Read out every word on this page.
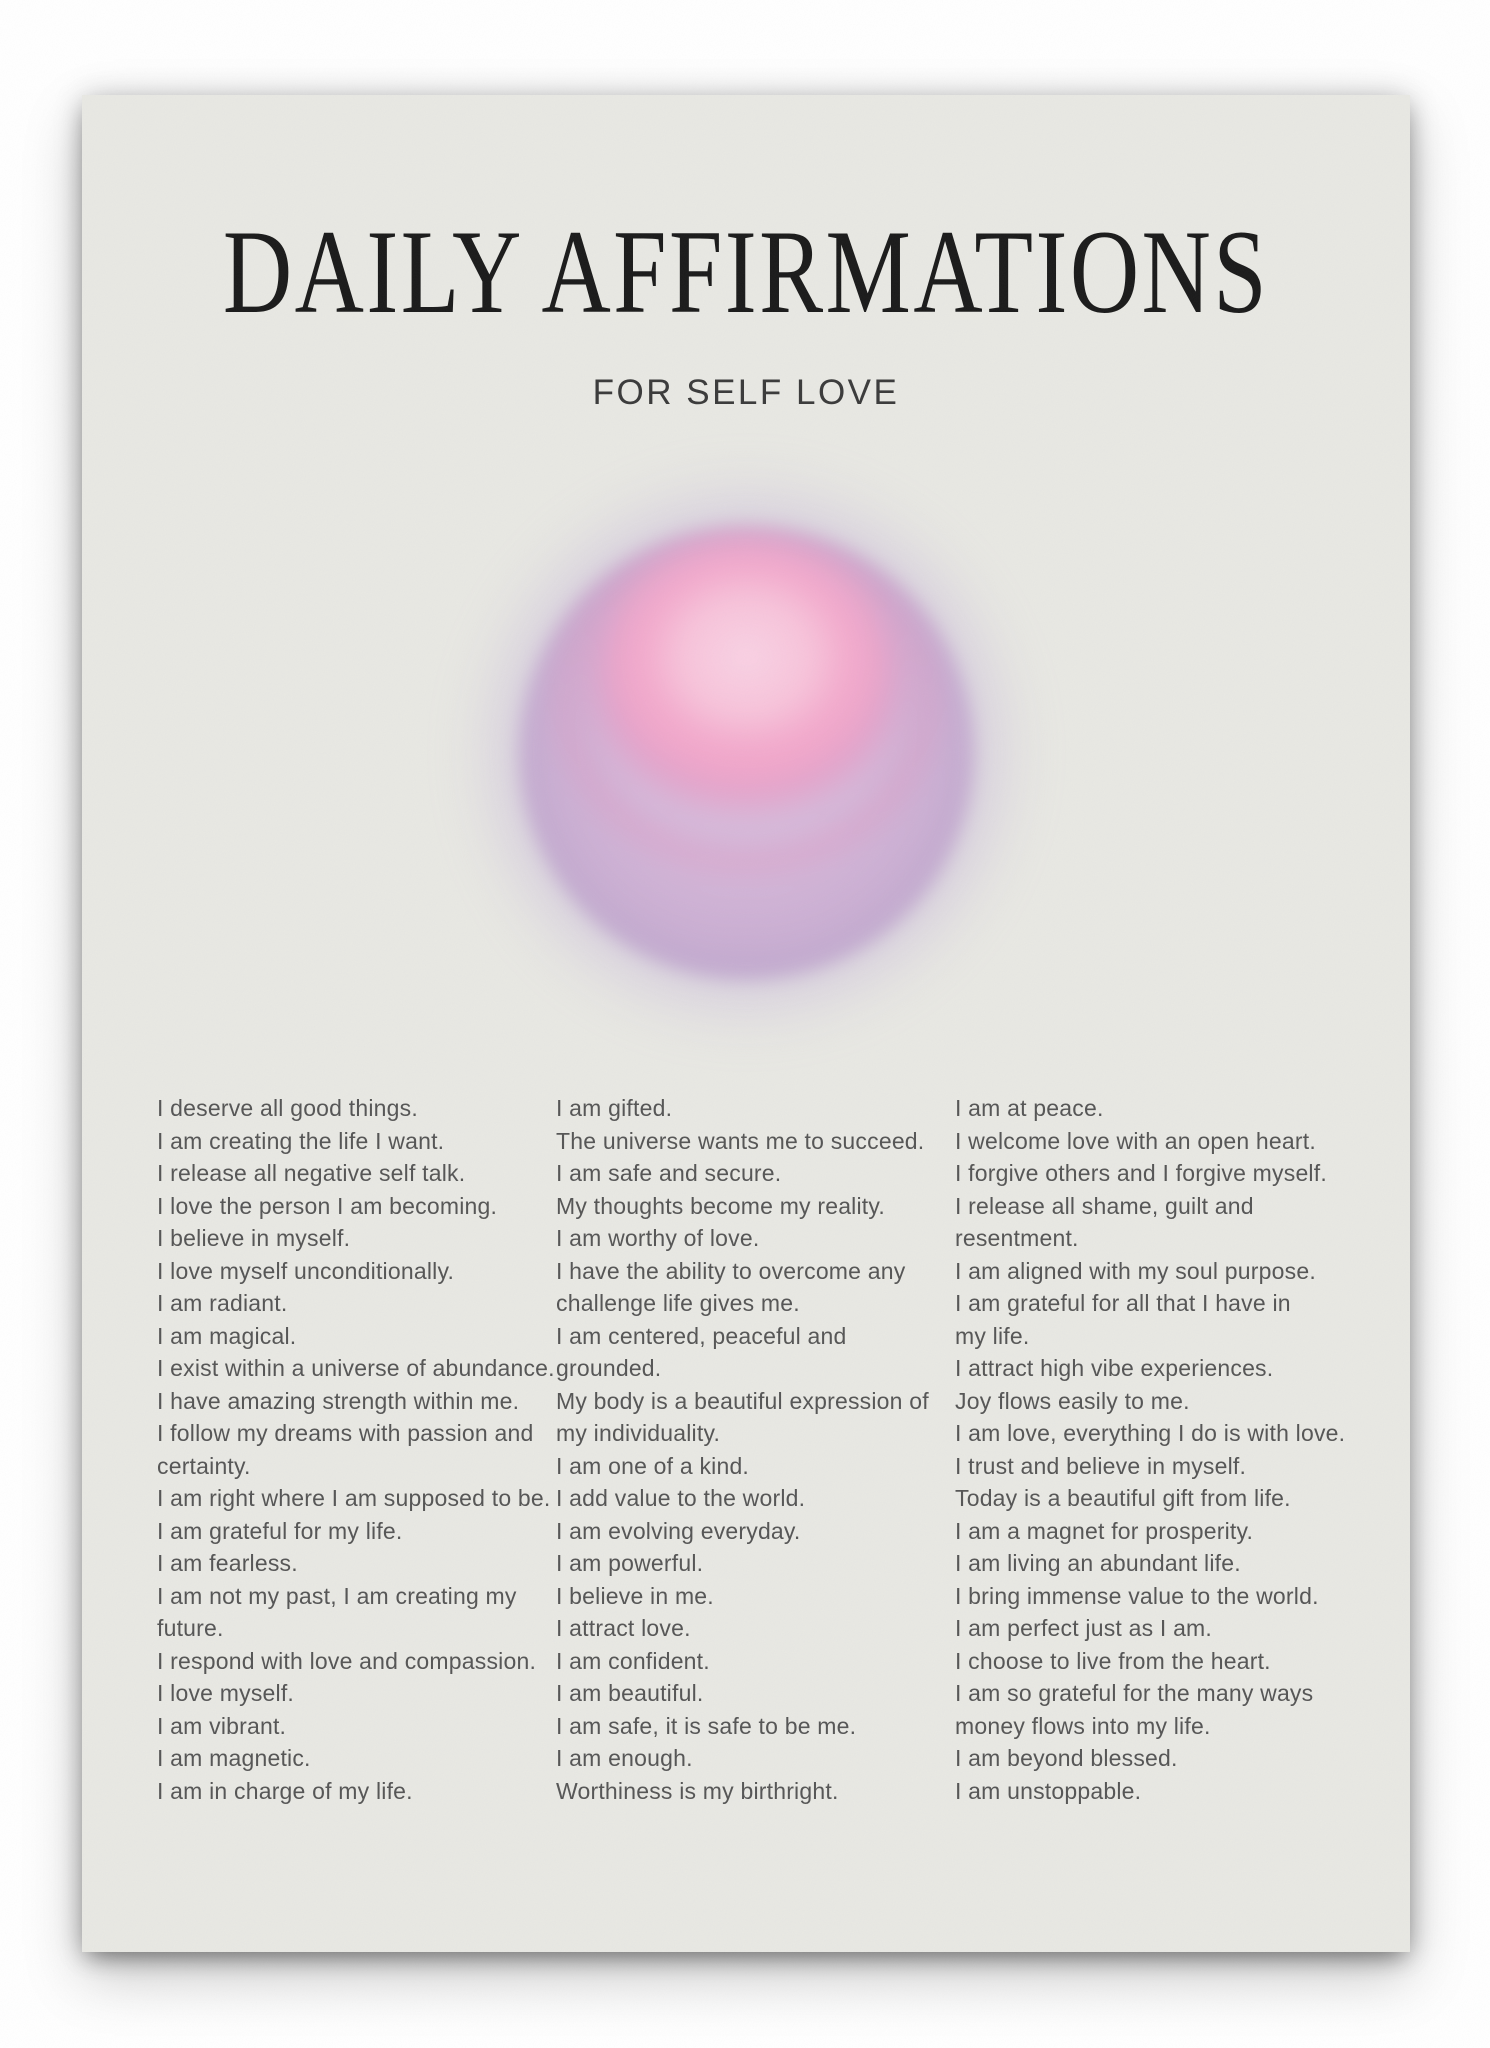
DAILY AFFIRMATIONS
FOR SELF LOVE
I deserve all good things.
I am creating the life I want.
I release all negative self talk.
I love the person I am becoming.
I believe in myself.
I love myself unconditionally.
I am radiant.
I am magical.
I exist within a universe of abundance.
I have amazing strength within me.
I follow my dreams with passion and
certainty.
I am right where I am supposed to be.
I am grateful for my life.
I am fearless.
I am not my past, I am creating my
future.
I respond with love and compassion.
I love myself.
I am vibrant.
I am magnetic.
I am in charge of my life.
I am gifted.
The universe wants me to succeed.
I am safe and secure.
My thoughts become my reality.
I am worthy of love.
I have the ability to overcome any
challenge life gives me.
I am centered, peaceful and
grounded.
My body is a beautiful expression of
my individuality.
I am one of a kind.
I add value to the world.
I am evolving everyday.
I am powerful.
I believe in me.
I attract love.
I am confident.
I am beautiful.
I am safe, it is safe to be me.
I am enough.
Worthiness is my birthright.
I am at peace.
I welcome love with an open heart.
I forgive others and I forgive myself.
I release all shame, guilt and
resentment.
I am aligned with my soul purpose.
I am grateful for all that I have in
my life.
I attract high vibe experiences.
Joy flows easily to me.
I am love, everything I do is with love.
I trust and believe in myself.
Today is a beautiful gift from life.
I am a magnet for prosperity.
I am living an abundant life.
I bring immense value to the world.
I am perfect just as I am.
I choose to live from the heart.
I am so grateful for the many ways
money flows into my life.
I am beyond blessed.
I am unstoppable.
